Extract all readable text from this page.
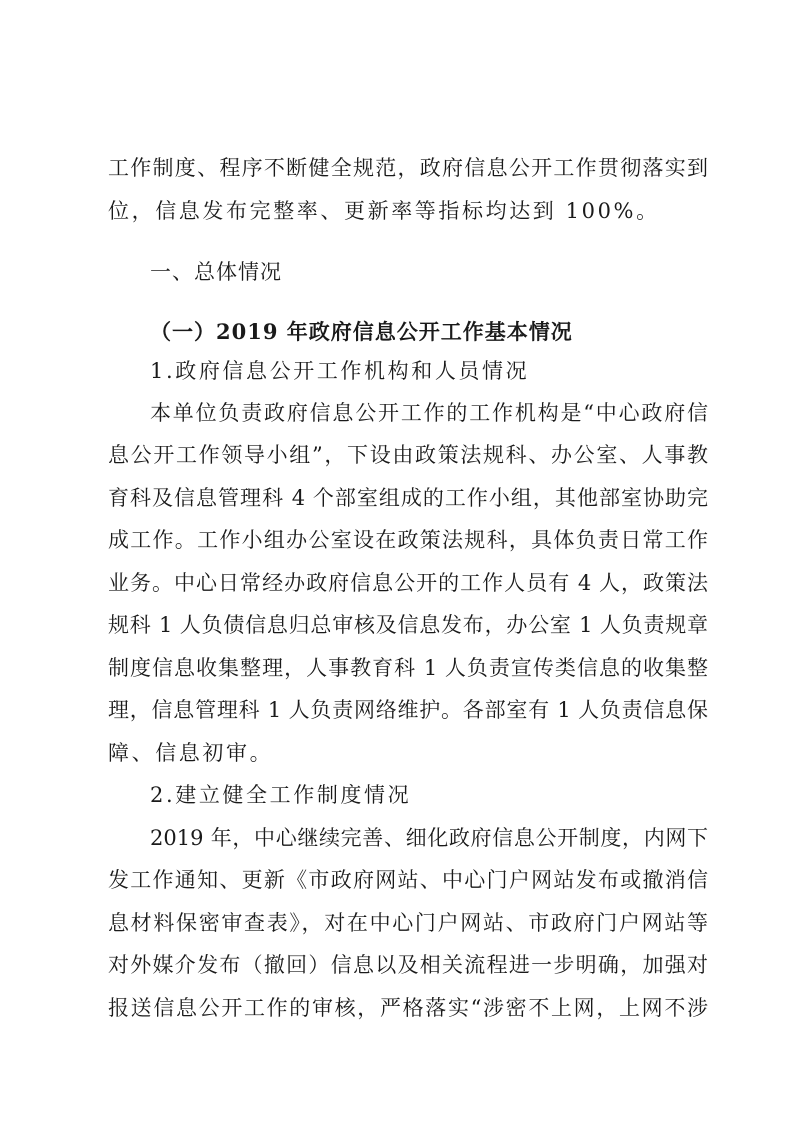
工作制度、程序不断健全规范，政府信息公开工作贯彻落实到
位，信息发布完整率、更新率等指标均达到 100%。
一、总体情况
（一）2019 年政府信息公开工作基本情况
1.政府信息公开工作机构和人员情况
本单位负责政府信息公开工作的工作机构是“中心政府信
息公开工作领导小组”，下设由政策法规科、办公室、人事教
育科及信息管理科 4 个部室组成的工作小组，其他部室协助完
成工作。工作小组办公室设在政策法规科，具体负责日常工作
业务。中心日常经办政府信息公开的工作人员有 4 人，政策法
规科 1 人负债信息归总审核及信息发布，办公室 1 人负责规章
制度信息收集整理，人事教育科 1 人负责宣传类信息的收集整
理，信息管理科 1 人负责网络维护。各部室有 1 人负责信息保
障、信息初审。
2.建立健全工作制度情况
2019 年，中心继续完善、细化政府信息公开制度，内网下
发工作通知、更新《市政府网站、中心门户网站发布或撤消信
息材料保密审查表》，对在中心门户网站、市政府门户网站等
对外媒介发布（撤回）信息以及相关流程进一步明确，加强对
报送信息公开工作的审核，严格落实“涉密不上网，上网不涉
